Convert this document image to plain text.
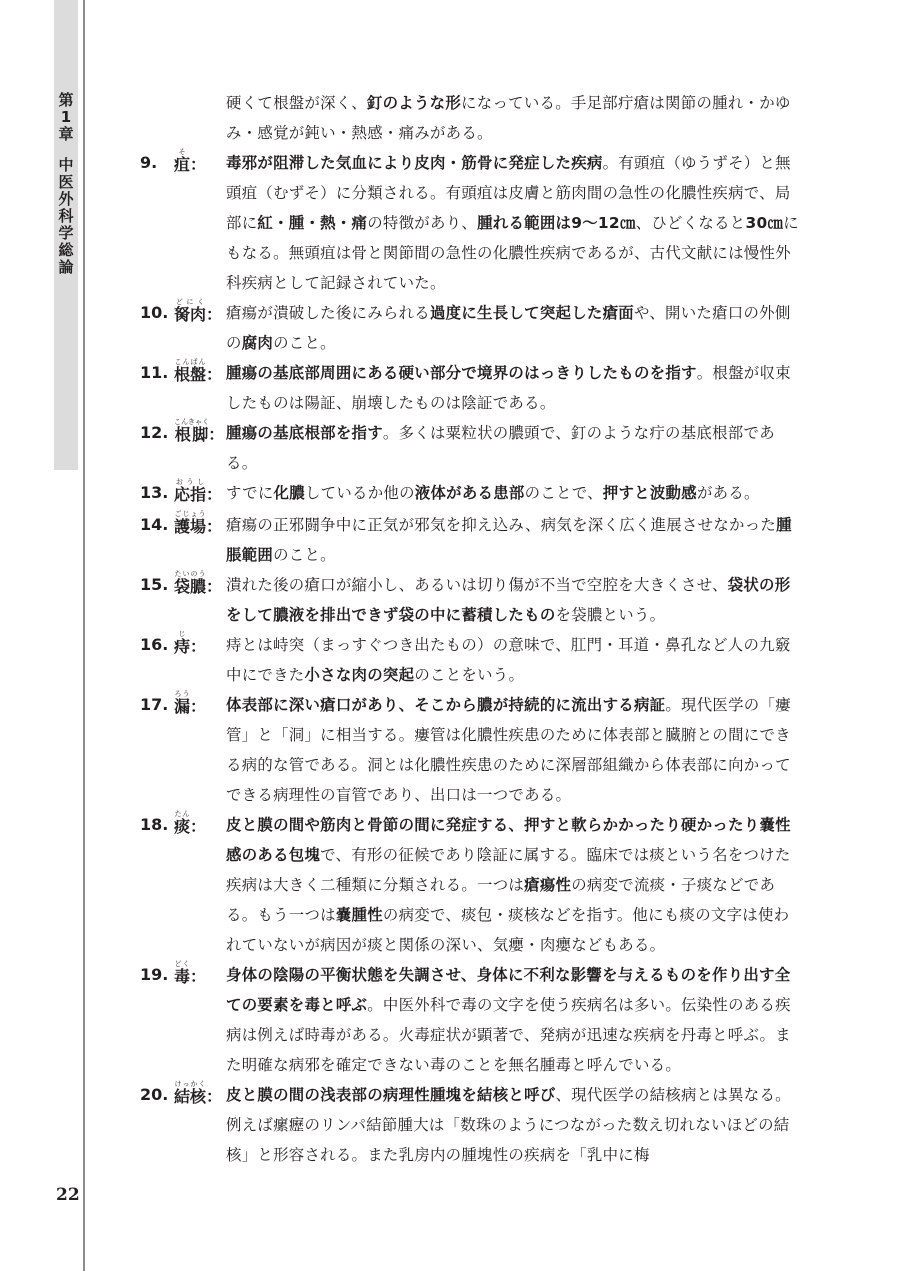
第
1
章

中
医
外
科
学
総
論
22
硬くて根盤が深く、釘のような形になっている。手足部疔瘡は関節の腫れ・かゆみ・感覚が鈍い・熱感・痛みがある。
9.	疽そ：	毒邪が阻滞した気血により皮肉・筋骨に発症した疾病。有頭疽（ゆうずそ）と無頭疽（むずそ）に分類される。有頭疽は皮膚と筋肉間の急性の化膿性疾病で、局部に紅・腫・熱・痛の特徴があり、腫れる範囲は9～12㎝、ひどくなると30㎝にもなる。無頭疽は骨と関節間の急性の化膿性疾病であるが、古代文献には慢性外科疾病として記録されていた。
10. 胬肉どにく： 瘡瘍が潰破した後にみられる過度に生長して突起した瘡面や、開いた瘡口の外側の腐肉のこと。
11. 根盤こんばん： 腫瘍の基底部周囲にある硬い部分で境界のはっきりしたものを指す。根盤が収束したものは陽証、崩壊したものは陰証である。
12. 根脚こんきゃく： 腫瘍の基底根部を指す。多くは粟粒状の膿頭で、釘のような疔の基底根部である。
13. 応指おうし： すでに化膿しているか他の液体がある患部のことで、押すと波動感がある。
14. 護場ごじょう： 瘡瘍の正邪闘争中に正気が邪気を抑え込み、病気を深く広く進展させなかった腫脹範囲のこと。
15. 袋膿たいのう： 潰れた後の瘡口が縮小し、あるいは切り傷が不当で空腔を大きくさせ、袋状の形をして膿液を排出できず袋の中に蓄積したものを袋膿という。
16. 痔じ：	痔とは峙突（まっすぐつき出たもの）の意味で、肛門・耳道・鼻孔など人の九竅中にできた小さな肉の突起のことをいう。
17. 漏ろう：	体表部に深い瘡口があり、そこから膿が持続的に流出する病証。現代医学の「瘻管」と「洞」に相当する。瘻管は化膿性疾患のために体表部と臓腑との間にできる病的な管である。洞とは化膿性疾患のために深層部組織から体表部に向かってできる病理性の盲管であり、出口は一つである。
18. 痰たん：	皮と膜の間や筋肉と骨節の間に発症する、押すと軟らかかったり硬かったり嚢性感のある包塊で、有形の征候であり陰証に属する。臨床では痰という名をつけた疾病は大きく二種類に分類される。一つは瘡瘍性の病変で流痰・子痰などである。もう一つは嚢腫性の病変で、痰包・痰核などを指す。他にも痰の文字は使われていないが病因が痰と関係の深い、気癭・肉癭などもある。
19. 毒どく：	身体の陰陽の平衡状態を失調させ、身体に不利な影響を与えるものを作り出す全ての要素を毒と呼ぶ。中医外科で毒の文字を使う疾病名は多い。伝染性のある疾病は例えば時毒がある。火毒症状が顕著で、発病が迅速な疾病を丹毒と呼ぶ。また明確な病邪を確定できない毒のことを無名腫毒と呼んでいる。
20. 結核けっかく： 皮と膜の間の浅表部の病理性腫塊を結核と呼び、現代医学の結核病とは異なる。例えば瘰癧のリンパ結節腫大は「数珠のようにつながった数え切れないほどの結核」と形容される。また乳房内の腫塊性の疾病を「乳中に梅
